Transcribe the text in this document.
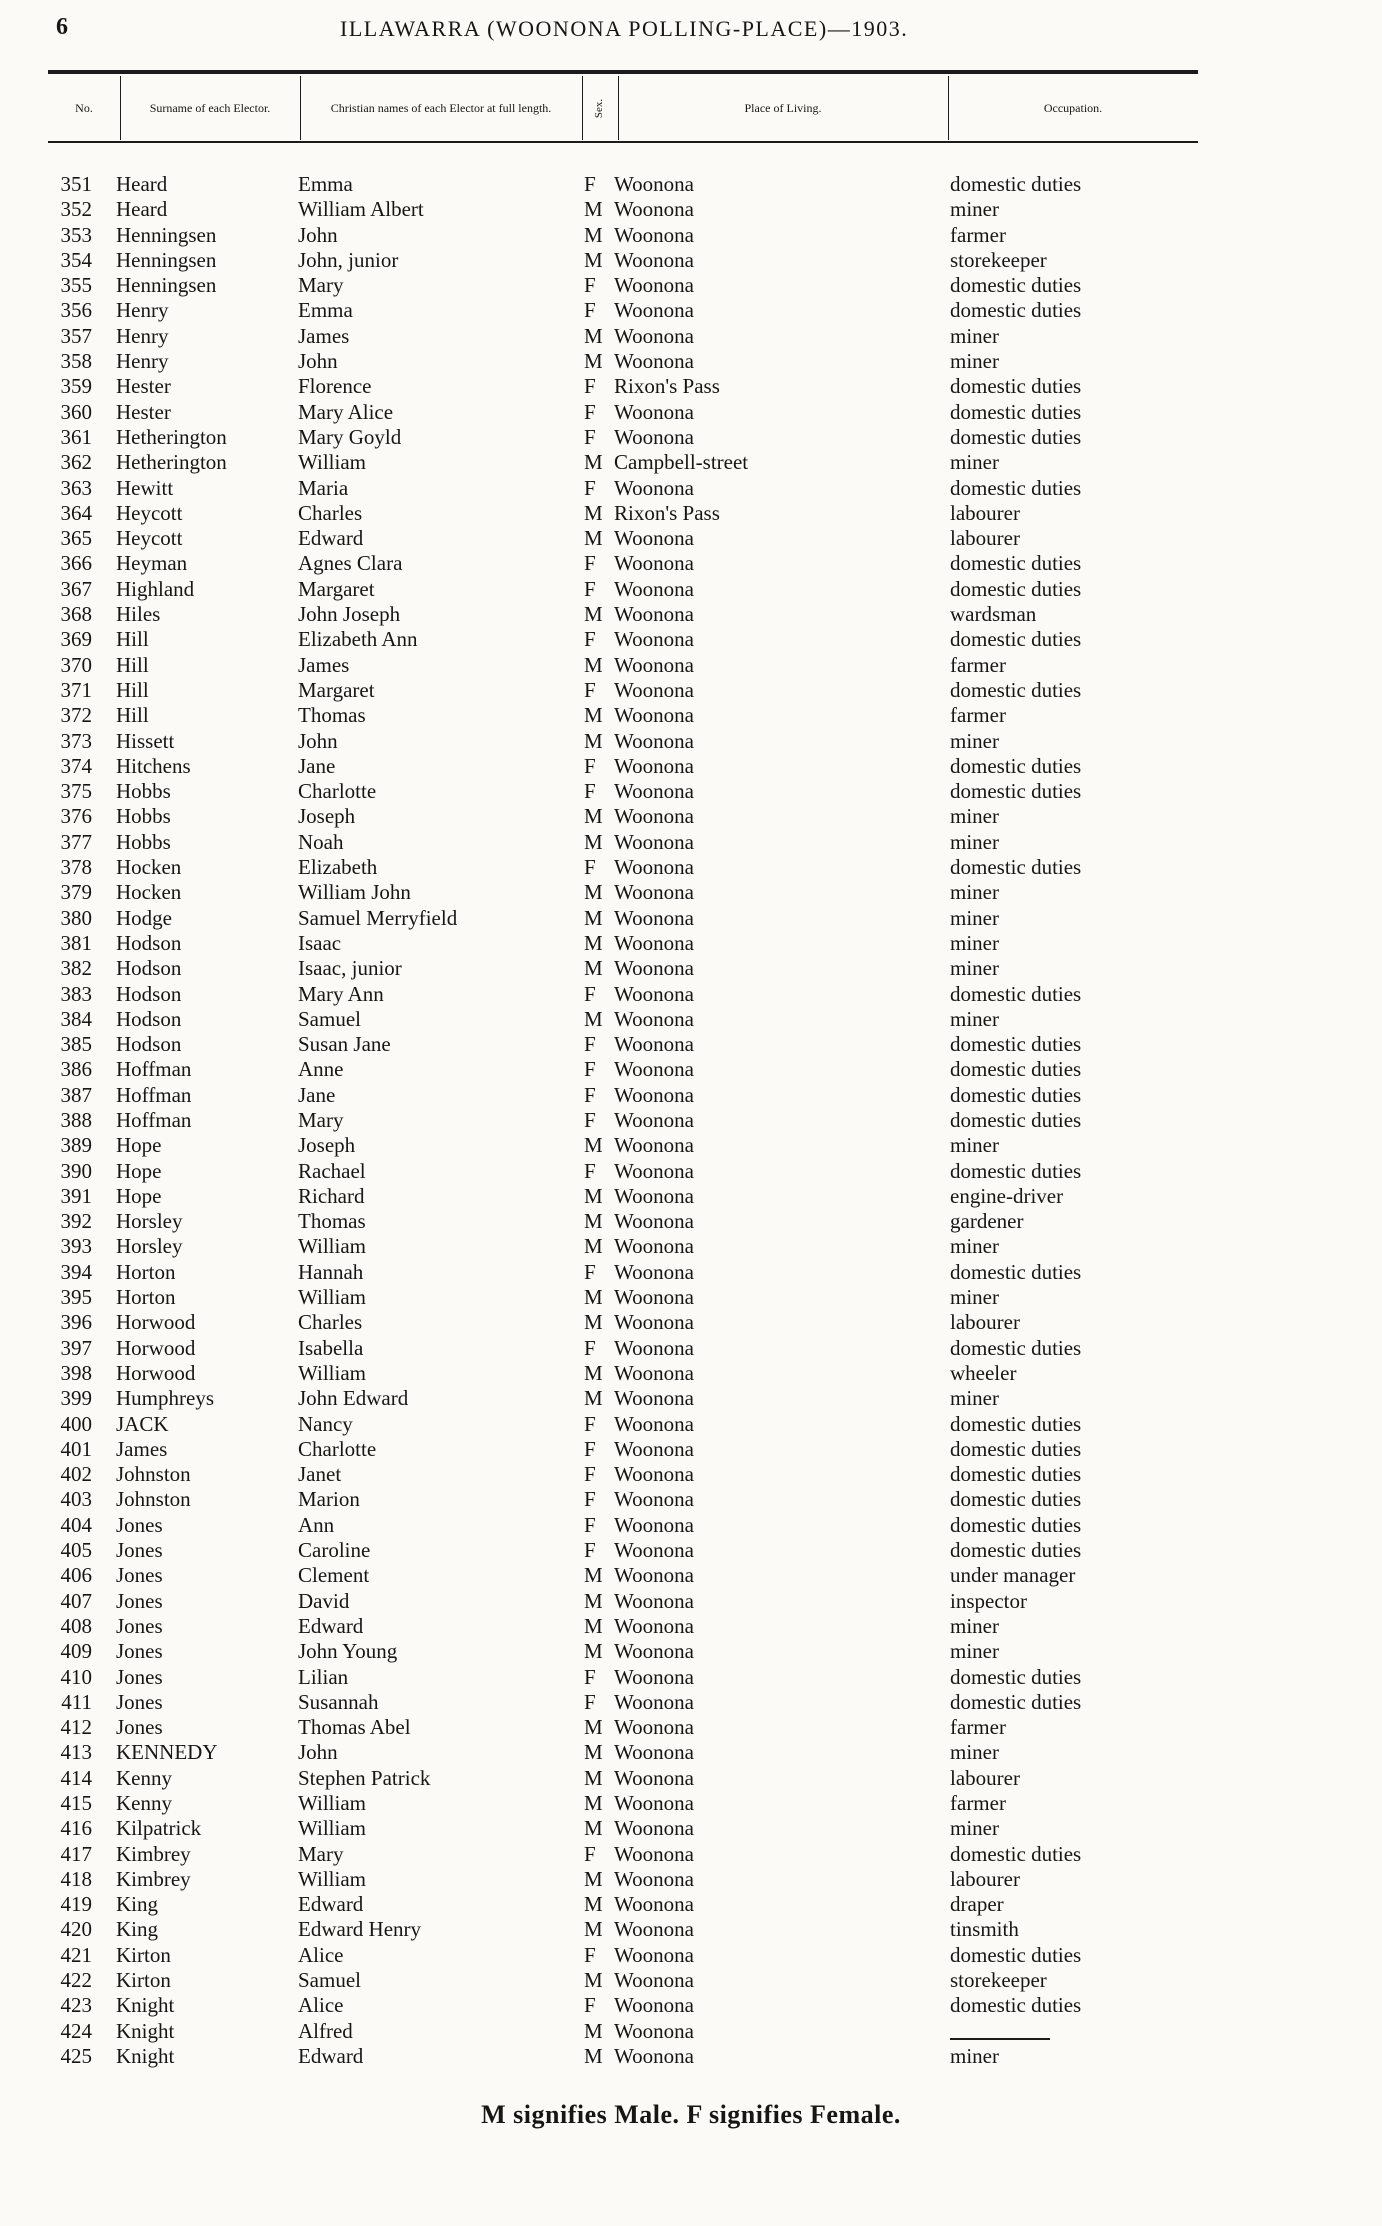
6	ILLAWARRA (WOONONA POLLING-PLACE)—1903.
No.	Surname of each Elector.	Christian names of each Elector at full length.	Sex.	Place of Living.	Occupation.
351 Heard	Emma	F Woonona	domestic duties
352 Heard	William Albert	M Woonona	miner
353 Henningsen	John	M Woonona	farmer
354 Henningsen	John, junior	M Woonona	storekeeper
355 Henningsen	Mary	F Woonona	domestic duties
356 Henry	Emma	F Woonona	domestic duties
357 Henry	James	M Woonona	miner
358 Henry	John	M Woonona	miner
359 Hester	Florence	F Rixon's Pass	domestic duties
360 Hester	Mary Alice	F Woonona	domestic duties
361 Hetherington	Mary Goyld	F Woonona	domestic duties
362 Hetherington	William	M Campbell-street	miner
363 Hewitt	Maria	F Woonona	domestic duties
364 Heycott	Charles	M Rixon's Pass	labourer
365 Heycott	Edward	M Woonona	labourer
366 Heyman	Agnes Clara	F Woonona	domestic duties
367 Highland	Margaret	F Woonona	domestic duties
368 Hiles	John Joseph	M Woonona	wardsman
369 Hill	Elizabeth Ann	F Woonona	domestic duties
370 Hill	James	M Woonona	farmer
371 Hill	Margaret	F Woonona	domestic duties
372 Hill	Thomas	M Woonona	farmer
373 Hissett	John	M Woonona	miner
374 Hitchens	Jane	F Woonona	domestic duties
375 Hobbs	Charlotte	F Woonona	domestic duties
376 Hobbs	Joseph	M Woonona	miner
377 Hobbs	Noah	M Woonona	miner
378 Hocken	Elizabeth	F Woonona	domestic duties
379 Hocken	William John	M Woonona	miner
380 Hodge	Samuel Merryfield	M Woonona	miner
381 Hodson	Isaac	M Woonona	miner
382 Hodson	Isaac, junior	M Woonona	miner
383 Hodson	Mary Ann	F Woonona	domestic duties
384 Hodson	Samuel	M Woonona	miner
385 Hodson	Susan Jane	F Woonona	domestic duties
386 Hoffman	Anne	F Woonona	domestic duties
387 Hoffman	Jane	F Woonona	domestic duties
388 Hoffman	Mary	F Woonona	domestic duties
389 Hope	Joseph	M Woonona	miner
390 Hope	Rachael	F Woonona	domestic duties
391 Hope	Richard	M Woonona	engine-driver
392 Horsley	Thomas	M Woonona	gardener
393 Horsley	William	M Woonona	miner
394 Horton	Hannah	F Woonona	domestic duties
395 Horton	William	M Woonona	miner
396 Horwood	Charles	M Woonona	labourer
397 Horwood	Isabella	F Woonona	domestic duties
398 Horwood	William	M Woonona	wheeler
399 Humphreys	John Edward	M Woonona	miner
400 JACK	Nancy	F Woonona	domestic duties
401 James	Charlotte	F Woonona	domestic duties
402 Johnston	Janet	F Woonona	domestic duties
403 Johnston	Marion	F Woonona	domestic duties
404 Jones	Ann	F Woonona	domestic duties
405 Jones	Caroline	F Woonona	domestic duties
406 Jones	Clement	M Woonona	under manager
407 Jones	David	M Woonona	inspector
408 Jones	Edward	M Woonona	miner
409 Jones	John Young	M Woonona	miner
410 Jones	Lilian	F Woonona	domestic duties
411 Jones	Susannah	F Woonona	domestic duties
412 Jones	Thomas Abel	M Woonona	farmer
413 KENNEDY	John	M Woonona	miner
414 Kenny	Stephen Patrick	M Woonona	labourer
415 Kenny	William	M Woonona	farmer
416 Kilpatrick	William	M Woonona	miner
417 Kimbrey	Mary	F Woonona	domestic duties
418 Kimbrey	William	M Woonona	labourer
419 King	Edward	M Woonona	draper
420 King	Edward Henry	M Woonona	tinsmith
421 Kirton	Alice	F Woonona	domestic duties
422 Kirton	Samuel	M Woonona	storekeeper
423 Knight	Alice	F Woonona	domestic duties
424 Knight	Alfred	M Woonona
425 Knight	Edward	M Woonona	miner
M signifies Male. F signifies Female.
